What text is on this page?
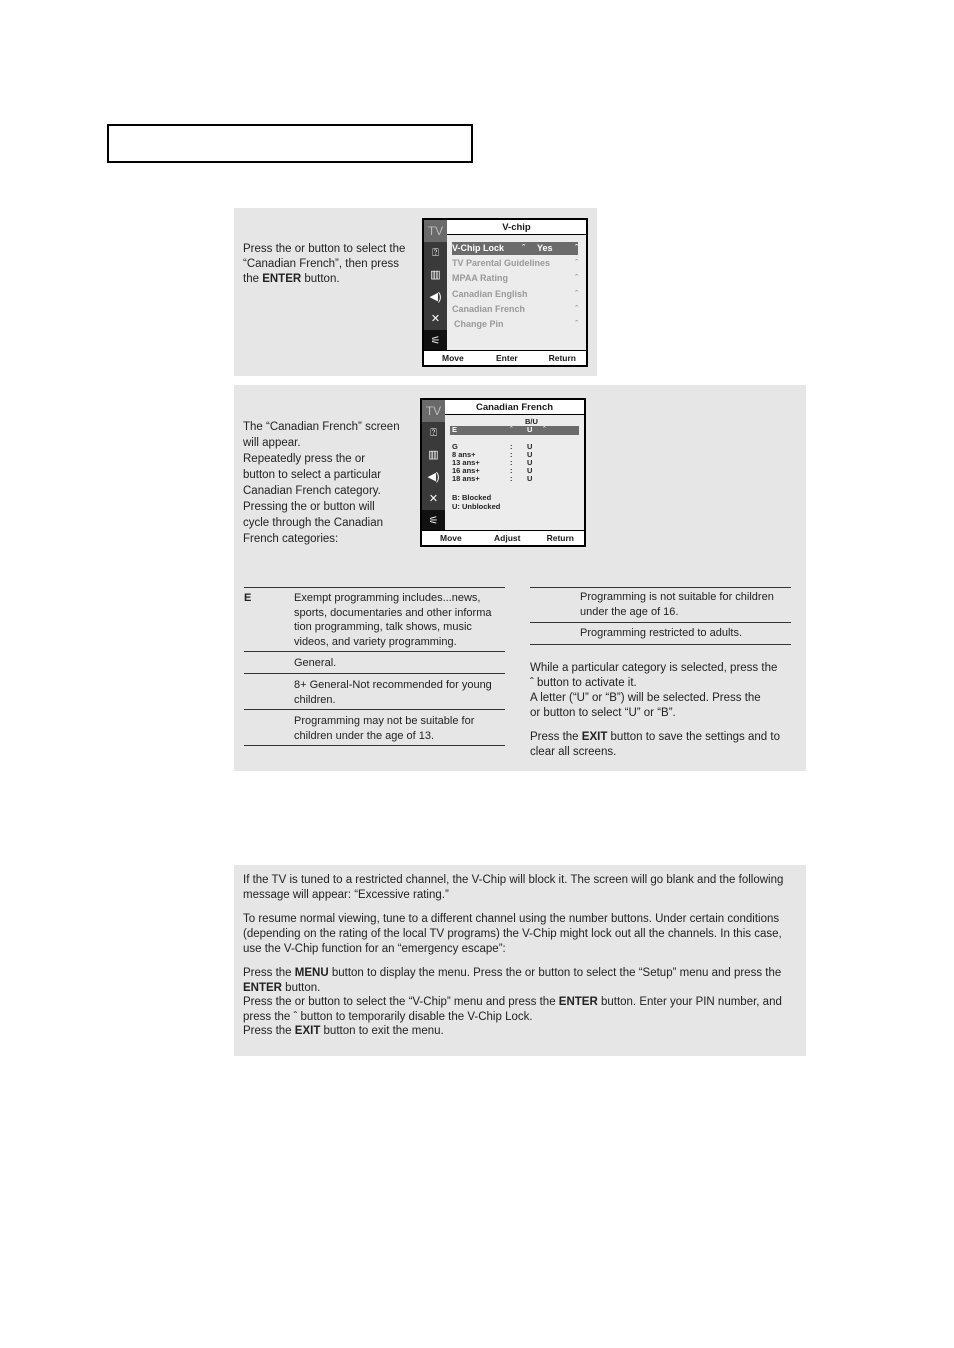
Press the or button to select the “Canadian French”, then press the ENTER button.

TV
⍰
▥
◀)
✕
⚟
V-chip
V-Chip Lock ˆ Yes ˆ
TV Parental Guidelines	ˆ
MPAA Rating	ˆ
Canadian English	ˆ
Canadian French	ˆ
Change Pin	ˆ
Move	Enter	Return

The “Canadian French” screen

will appear.

Repeatedly press the or

button to select a particular

Canadian French category.

Pressing the or button will

cycle through the Canadian

French categories:

TV
⍰
▥
◀)
✕
⚟
Canadian French
B/U
E	ˆ U ˆ
G	: U
8 ans+	: U
13 ans+	: U
16 ans+	: U
18 ans+	: U
B: Blocked
U: Unblocked
Move	Adjust	Return
E	Exempt programming includes...news, sports, documentaries and other informa tion programming, talk shows, music videos, and variety programming.
General.
8+ General-Not recommended for young children.
Programming may not be suitable for children under the age of 13.
Programming is not suitable for children under the age of 16.
Programming restricted to adults.

While a particular category is selected, press the

ˆ button to activate it.

A letter (“U” or “B”) will be selected. Press the

or button to select “U” or “B”.

Press the EXIT button to save the settings and to clear all screens.

If the TV is tuned to a restricted channel, the V-Chip will block it. The screen will go blank and the following message will appear: “Excessive rating.”

To resume normal viewing, tune to a different channel using the number buttons. Under certain conditions (depending on the rating of the local TV programs) the V-Chip might lock out all the channels. In this case, use the V-Chip function for an “emergency escape”:

Press the MENU button to display the menu. Press the or button to select the “Setup” menu and press the ENTER button.

Press the or button to select the “V-Chip” menu and press the ENTER button. Enter your PIN number, and press the ˆ button to temporarily disable the V-Chip Lock.

Press the EXIT button to exit the menu.
